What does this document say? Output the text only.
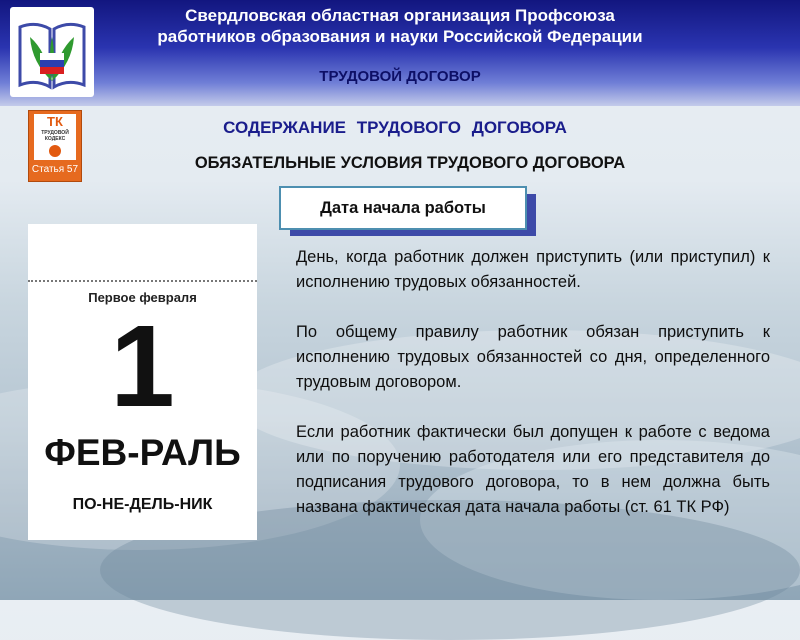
Свердловская областная организация Профсоюза
работников образования и науки Российской Федерации
ТРУДОВОЙ ДОГОВОР
ТК
ТРУДОВОЙ
КОДЕКС
Статья 57
СОДЕРЖАНИЕ ТРУДОВОГО ДОГОВОРА
ОБЯЗАТЕЛЬНЫЕ УСЛОВИЯ ТРУДОВОГО ДОГОВОРА
Дата начала работы
Первое февраля
1
ФЕВ-РАЛЬ
ПО-НЕ-ДЕЛЬ-НИК

День, когда работник должен приступить (или приступил) к исполнению трудовых обязанностей.

По общему правилу работник обязан приступить к исполнению трудовых обязанностей со дня, определенного трудовым договором.

Если работник фактически был допущен к работе с ведома или по поручению работодателя или его представителя до подписания трудового договора, то в нем должна быть названа фактическая дата начала работы (ст. 61 ТК РФ)
